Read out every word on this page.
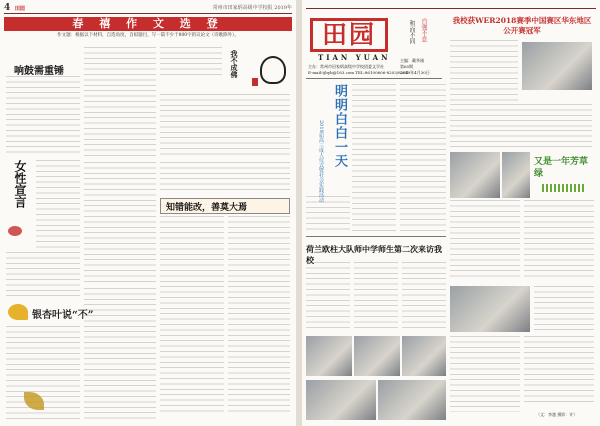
4 田园	常州市田家炳高级中学校报 2019年
春 禧 作 文 选 登
作文题：根据以下材料，自选角度，自拟题目，写一篇不少于800字的议论文（诗歌除外）。
响鼓需重锤	我不成佛
女性宣言	知错能改，善莫大焉
银杏叶说“不”
田园	和而不同 自强不息
TIAN YUAN
主办：常州市田家炳高级中学校团委文学社
E-mail:tjbyh@163.com TEL:86100606-8203/8204
主编：戴华刚
第65期
2019年4月30日
我校获WER2018赛季中国赛区华东地区公开赛冠军
明明白白一天
2019届高三成人仪式暨社会实践活动	又是一年芳草绿
荷兰欧柱大队师中学师生第二次来访我校
（文：李越 摄影：许）
